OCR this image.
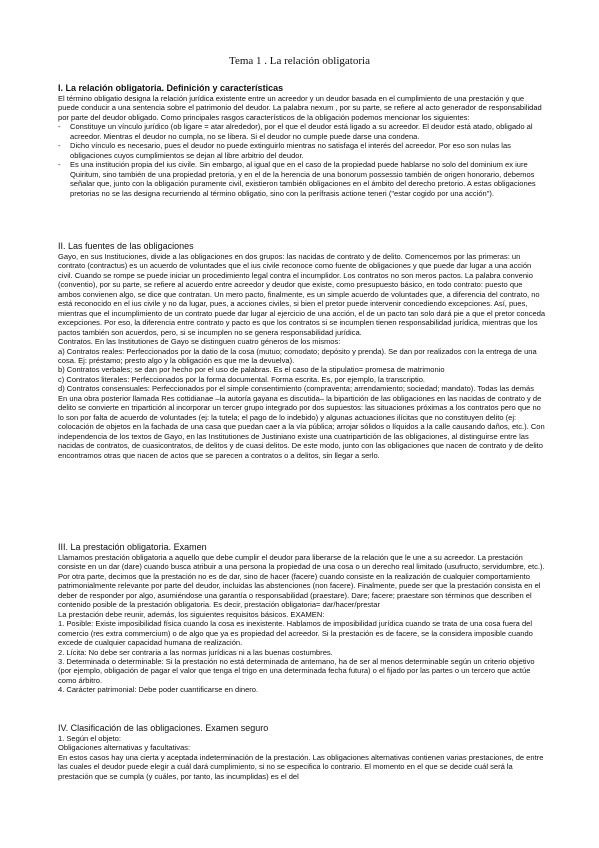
Tema 1 . La relación obligatoria
I. La relación obligatoria. Definición y características

El término obligatio designa la relación jurídica existente entre un acreedor y un deudor basada en el cumplimiento de una prestación y que puede conducir a una sentencia sobre el patrimonio del deudor. La palabra nexum , por su parte, se refiere al acto generador de responsabilidad por parte del deudor obligado. Como principales rasgos característicos de la obligación podemos mencionar los siguientes:

- Constituye un vínculo jurídico (ob ligare = atar alrededor), por el que el deudor está ligado a su acreedor. El deudor está atado, obligado al acreedor. Mientras el deudor no cumpla, no se libera. Si el deudor no cumple puede darse una condena.
- Dicho vínculo es necesario, pues el deudor no puede extinguirlo mientras no satisfaga el interés del acreedor. Por eso son nulas las obligaciones cuyos cumplimientos se dejan al libre arbitrio del deudor.
- Es una institución propia del ius civile. Sin embargo, al igual que en el caso de la propiedad puede hablarse no solo del dominium ex iure Quiritum, sino también de una propiedad pretoria, y en el de la herencia de una bonorum possessio también de origen honorario, debemos señalar que, junto con la obligación puramente civil, existieron también obligaciones en el ámbito del derecho pretorio. A estas obligaciones pretorias no se las designa recurriendo al término obligatio, sino con la perífrasis actione teneri ("estar cogido por una acción").
II. Las fuentes de las obligaciones

Gayo, en sus Instituciones, divide a las obligaciones en dos grupos: las nacidas de contrato y de delito. Comencemos por las primeras: un contrato (contractus) es un acuerdo de voluntades que el ius civile reconoce como fuente de obligaciones y que puede dar lugar a una acción civil. Cuando se rompe se puede iniciar un procedimiento legal contra el incumplidor. Los contratos no son meros pactos. La palabra convenio (conventio), por su parte, se refiere al acuerdo entre acreedor y deudor que existe, como presupuesto básico, en todo contrato: puesto que ambos convienen algo, se dice que contratan. Un mero pacto, finalmente, es un simple acuerdo de voluntades que, a diferencia del contrato, no está reconocido en el ius civile y no da lugar, pues, a acciones civiles, si bien el pretor puede intervenir concediendo excepciones. Así, pues, mientras que el incumplimiento de un contrato puede dar lugar al ejercicio de una acción, el de un pacto tan solo dará pie a que el pretor conceda excepciones. Por eso, la diferencia entre contrato y pacto es que los contratos si se incumplen tienen responsabilidad jurídica, mientras que los pactos también son acuerdos, pero, si se incumplen no se genera responsabilidad jurídica.

Contratos. En las Institutiones de Gayo se distinguen cuatro géneros de los mismos:

a) Contratos reales: Perfeccionados por la datio de la cosa (mutuo; comodato; depósito y prenda). Se dan por realizados con la entrega de una cosa. Ej: préstamo; presto algo y la obligación es que me la devuelva).

b) Contratos verbales; se dan por hecho por el uso de palabras. Es el caso de la stipulatio= promesa de matrimonio

c) Contratos literales: Perfeccionados por la forma documental. Forma escrita. Es, por ejemplo, la transcriptio.

d) Contratos consensuales: Perfeccionados por el simple consentimiento (compraventa; arrendamiento; sociedad; mandato). Todas las demás

En una obra posterior llamada Res cottidianae –la autoría gayana es discutida– la bipartición de las obligaciones en las nacidas de contrato y de delito se convierte en tripartición al incorporar un tercer grupo integrado por dos supuestos: las situaciones próximas a los contratos pero que no lo son por falta de acuerdo de voluntades (ej: la tutela; el pago de lo indebido) y algunas actuaciones ilícitas que no constituyen delito (ej: colocación de objetos en la fachada de una casa que puedan caer a la vía pública; arrojar sólidos o líquidos a la calle causando daños, etc.). Con independencia de los textos de Gayo, en las Institutiones de Justiniano existe una cuatripartición de las obligaciones, al distinguirse entre las nacidas de contratos, de cuasicontratos, de delitos y de cuasi delitos. De este modo, junto con las obligaciones que nacen de contrato y de delito encontramos otras que nacen de actos que se parecen a contratos o a delitos, sin llegar a serlo.

III. La prestación obligatoria. Examen

Llamamos prestación obligatoria a aquello que debe cumplir el deudor para liberarse de la relación que le une a su acreedor. La prestación consiste en un dar (dare) cuando busca atribuir a una persona la propiedad de una cosa o un derecho real limitado (usufructo, servidumbre, etc.). Por otra parte, decimos que la prestación no es de dar, sino de hacer (facere) cuando consiste en la realización de cualquier comportamiento patrimonialmente relevante por parte del deudor, incluidas las abstenciones (non facere). Finalmente, puede ser que la prestación consista en el deber de responder por algo, asumiéndose una garantía o responsabilidad (praestare). Dare; facere; praestare son términos que describen el contenido posible de la prestación obligatoria. Es decir, prestación obligatoria= dar/hacer/prestar

La prestación debe reunir, además, los siguientes requisitos básicos. EXAMEN:

1. Posible: Existe imposibilidad física cuando la cosa es inexistente. Hablamos de imposibilidad jurídica cuando se trata de una cosa fuera del comercio (res extra commercium) o de algo que ya es propiedad del acreedor. Si la prestación es de facere, se la considera imposible cuando excede de cualquier capacidad humana de realización.

2. Lícita: No debe ser contraria a las normas jurídicas ni a las buenas costumbres.

3. Determinada o determinable: Si la prestación no está determinada de antemano, ha de ser al menos determinable según un criterio objetivo (por ejemplo, obligación de pagar el valor que tenga el trigo en una determinada fecha futura) o el fijado por las partes o un tercero que actúe como árbitro.

4. Carácter patrimonial: Debe poder cuantificarse en dinero.

IV. Clasificación de las obligaciones. Examen seguro

1. Según el objeto:

Obligaciones alternativas y facultativas:

En estos casos hay una cierta y aceptada indeterminación de la prestación. Las obligaciones alternativas contienen varias prestaciones, de entre las cuales el deudor puede elegir a cuál dará cumplimiento, si no se especifica lo contrario. El momento en el que se decide cuál será la prestación que se cumpla (y cuáles, por tanto, las incumplidas) es el del
